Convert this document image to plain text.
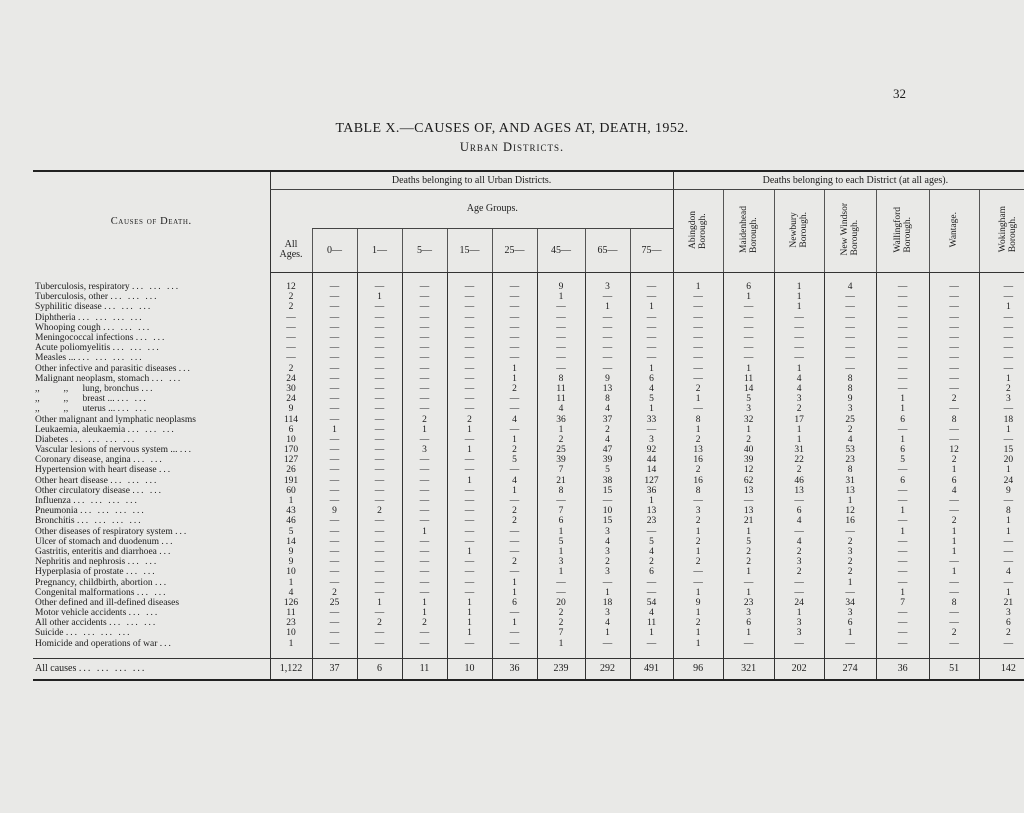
32
TABLE X.—CAUSES OF, AND AGES AT, DEATH, 1952.
Urban Districts.
Causes of Death.	Deaths belonging to all Urban Districts.									Deaths belonging to each District (at all ages).						
		Age Groups.								Abingdon
Borough.	Maidenhead
Borough.	Newbury
Borough.	New Windsor
Borough.	Wallingford
Borough.	Wantage.	Wokingham
Borough.
	All
Ages.	0—	1—	5—	15—	25—	45—	65—	75—							

Tuberculosis, respiratory ... ... ...	12	—	—	—	—	—	9	3	—	1	6	1	4	—	—	—
Tuberculosis, other ... ... ...	2	—	1	—	—	—	1	—	—	—	1	1	—	—	—	—
Syphilitic disease ... ... ...	2	—	—	—	—	—	—	1	1	—	—	1	—	—	—	1
Diphtheria ... ... ... ...	—	—	—	—	—	—	—	—	—	—	—	—	—	—	—	—
Whooping cough ... ... ...	—	—	—	—	—	—	—	—	—	—	—	—	—	—	—	—
Meningococcal infections ... ...	—	—	—	—	—	—	—	—	—	—	—	—	—	—	—	—
Acute poliomyelitis ... ... ...	—	—	—	—	—	—	—	—	—	—	—	—	—	—	—	—
Measles ... ... ... ... ...	—	—	—	—	—	—	—	—	—	—	—	—	—	—	—	—
Other infective and parasitic diseases ...	2	—	—	—	—	1	—	—	1	—	1	1	—	—	—	—
Malignant neoplasm, stomach ... ...	24	—	—	—	—	1	8	9	6	—	11	4	8	—	—	1
,,          ,,      lung, bronchus ...	30	—	—	—	—	2	11	13	4	2	14	4	8	—	—	2
,,          ,,      breast ... ... ...	24	—	—	—	—	—	11	8	5	1	5	3	9	1	2	3
,,          ,,      uterus ... ... ...	9	—	—	—	—	—	4	4	1	—	3	2	3	1	—	—
Other malignant and lymphatic neoplasms	114	—	—	2	2	4	36	37	33	8	32	17	25	6	8	18
Leukaemia, aleukaemia ... ... ...	6	1	—	1	1	—	1	2	—	1	1	1	2	—	—	1
Diabetes ... ... ... ...	10	—	—	—	—	1	2	4	3	2	2	1	4	1	—	—
Vascular lesions of nervous system ... ...	170	—	—	3	1	2	25	47	92	13	40	31	53	6	12	15
Coronary disease, angina ... ...	127	—	—	—	—	5	39	39	44	16	39	22	23	5	2	20
Hypertension with heart disease ...	26	—	—	—	—	—	7	5	14	2	12	2	8	—	1	1
Other heart disease ... ... ...	191	—	—	—	1	4	21	38	127	16	62	46	31	6	6	24
Other circulatory disease ... ...	60	—	—	—	—	1	8	15	36	8	13	13	13	—	4	9
Influenza ... ... ... ...	1	—	—	—	—	—	—	—	1	—	—	—	1	—	—	—
Pneumonia ... ... ... ...	43	9	2	—	—	2	7	10	13	3	13	6	12	1	—	8
Bronchitis ... ... ... ...	46	—	—	—	—	2	6	15	23	2	21	4	16	—	2	1
Other diseases of respiratory system ...	5	—	—	1	—	—	1	3	—	1	1	—	—	1	1	1
Ulcer of stomach and duodenum ...	14	—	—	—	—	—	5	4	5	2	5	4	2	—	1	—
Gastritis, enteritis and diarrhoea ...	9	—	—	—	1	—	1	3	4	1	2	2	3	—	1	—
Nephritis and nephrosis ... ...	9	—	—	—	—	2	3	2	2	2	2	3	2	—	—	—
Hyperplasia of prostate ... ...	10	—	—	—	—	—	1	3	6	—	1	2	2	—	1	4
Pregnancy, childbirth, abortion ...	1	—	—	—	—	1	—	—	—	—	—	—	1	—	—	—
Congenital malformations ... ...	4	2	—	—	—	1	—	1	—	1	1	—	—	1	—	1
Other defined and ill-defined diseases	126	25	1	1	1	6	20	18	54	9	23	24	34	7	8	21
Motor vehicle accidents ... ...	11	—	—	1	1	—	2	3	4	1	3	1	3	—	—	3
All other accidents ... ... ...	23	—	2	2	1	1	2	4	11	2	6	3	6	—	—	6
Suicide ... ... ... ...	10	—	—	—	1	—	7	1	1	1	1	3	1	—	2	2
Homicide and operations of war ...	1	—	—	—	—	—	1	—	—	1	—	—	—	—	—	—

All causes ... ... ... ...	1,122	37	6	11	10	36	239	292	491	96	321	202	274	36	51	142
